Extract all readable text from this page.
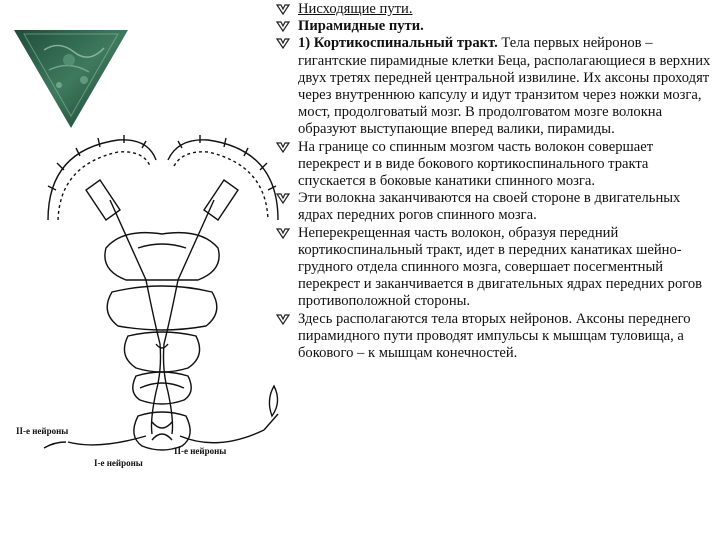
II-е нейроны
II-е нейроны
I-е нейроны
Нисходящие пути.
Пирамидные пути.
1) Кортикоспинальный тракт. Тела первых нейронов – гигантские пирамидные клетки Беца, располагающиеся в верхних двух третях передней центральной извилине. Их аксоны проходят через внутреннюю капсулу и идут транзитом через ножки мозга, мост, продолговатый мозг. В продолговатом мозге волокна образуют выступающие вперед валики, пирамиды.
На границе со спинным мозгом часть волокон совершает перекрест и в виде бокового кортикоспинального тракта спускается в боковые канатики спинного мозга.
Эти волокна заканчиваются на своей стороне в двигательных ядрах передних рогов спинного мозга.
Неперекрещенная часть волокон, образуя передний кортикоспинальный тракт, идет в передних канатиках шейно-грудного отдела спинного мозга, совершает посегментный перекрест и заканчивается в двигательных ядрах передних рогов противоположной стороны.
Здесь располагаются тела вторых нейронов. Аксоны переднего пирамидного пути проводят импульсы к мышцам туловища, а бокового – к мышцам конечностей.
